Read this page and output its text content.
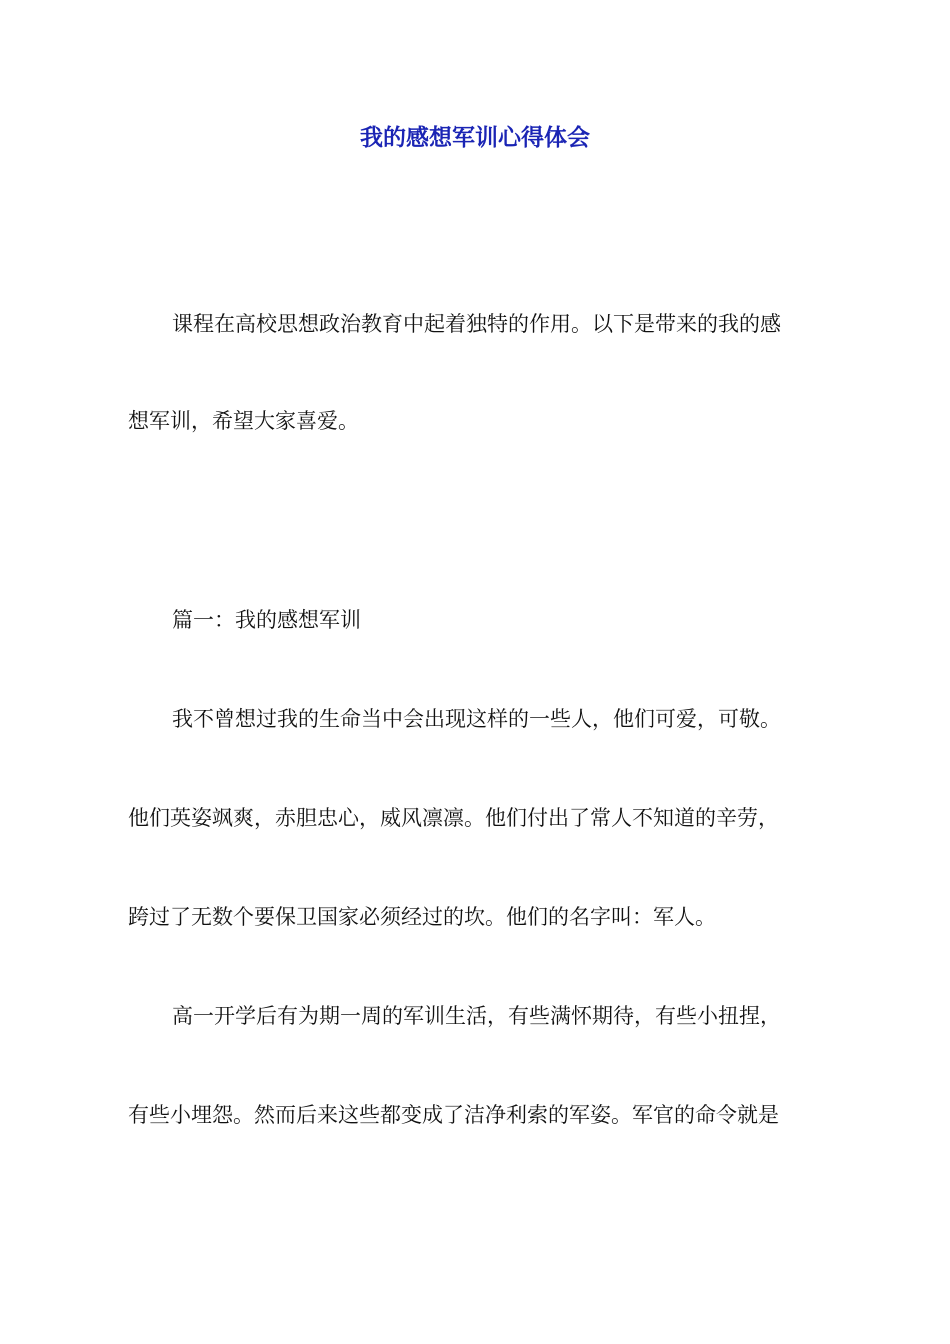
我的感想军训心得体会

课程在高校思想政治教育中起着独特的作用。以下是带来的我的感

想军训，希望大家喜爱。

篇一：我的感想军训

我不曾想过我的生命当中会出现这样的一些人，他们可爱，可敬。

他们英姿飒爽，赤胆忠心，威风凛凛。他们付出了常人不知道的辛劳，

跨过了无数个要保卫国家必须经过的坎。他们的名字叫：军人。

高一开学后有为期一周的军训生活，有些满怀期待，有些小扭捏，

有些小埋怨。然而后来这些都变成了洁净利索的军姿。军官的命令就是
